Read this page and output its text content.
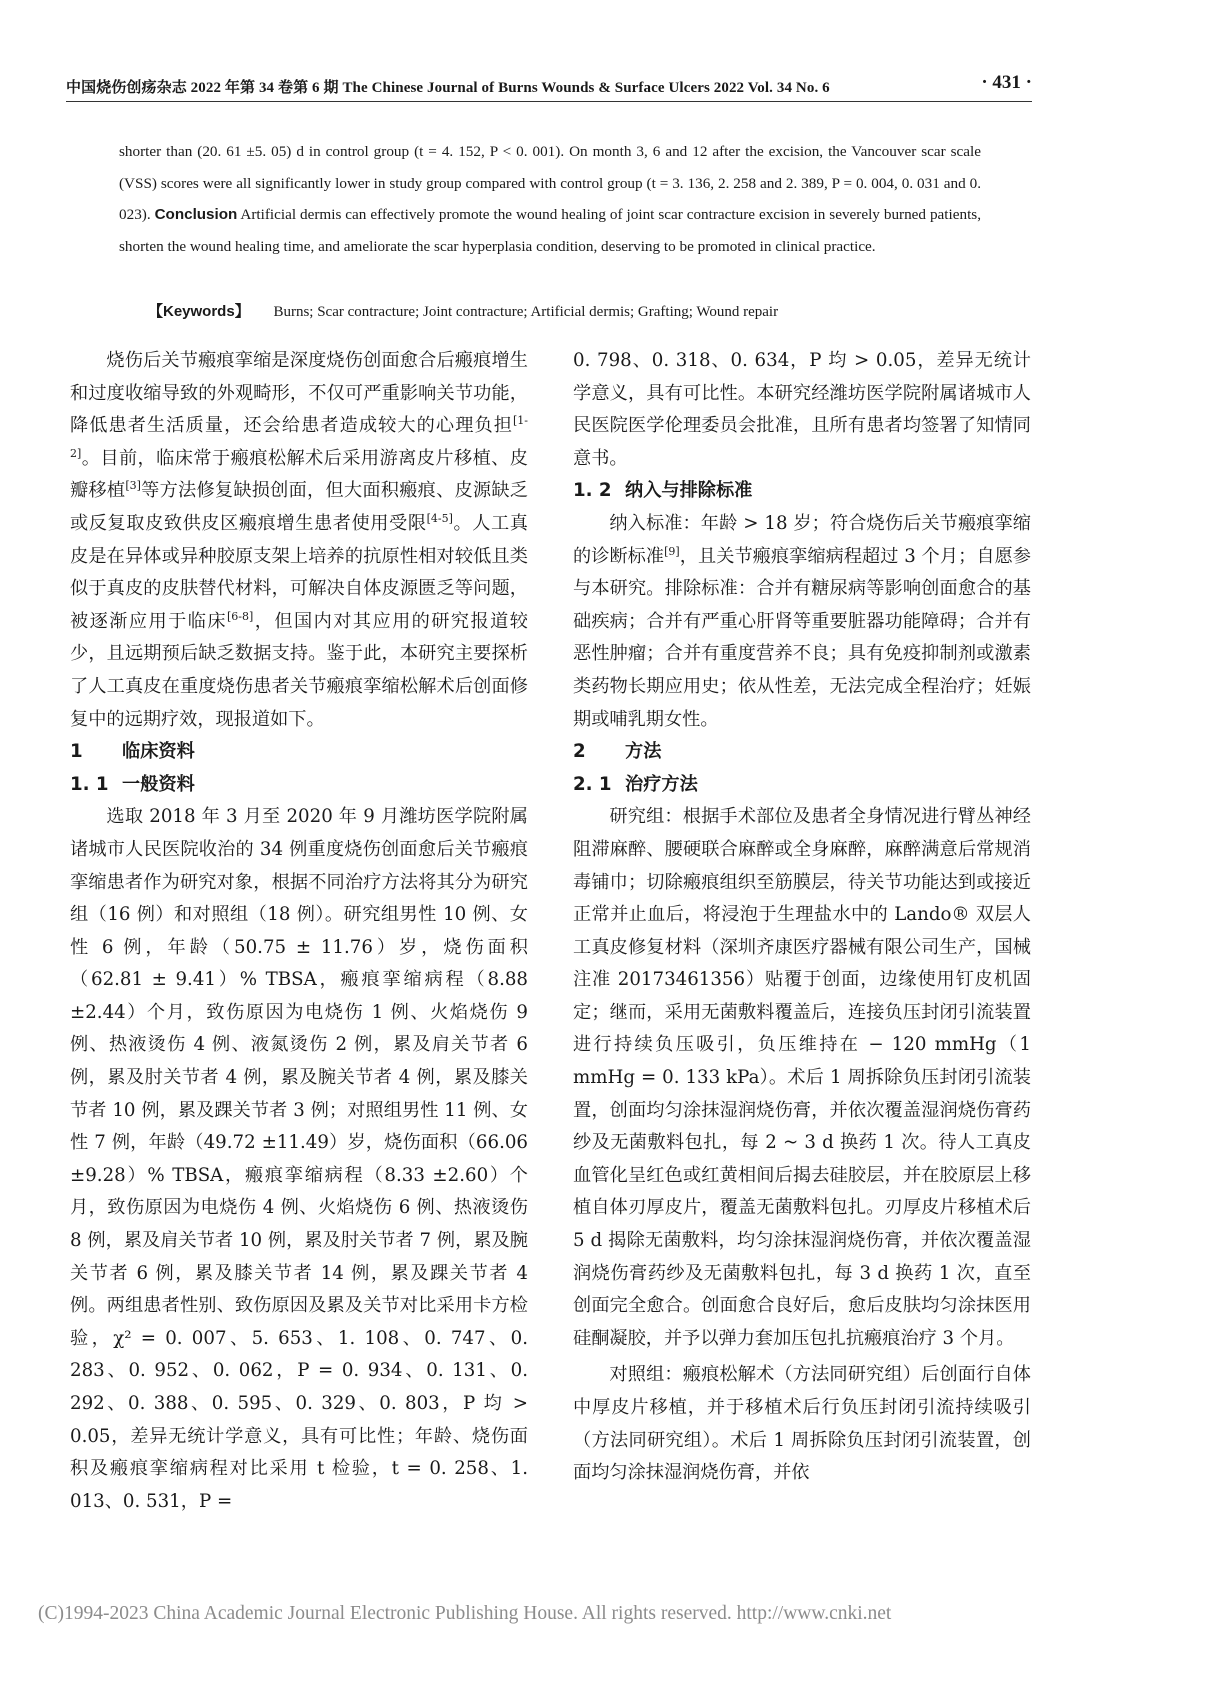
中国烧伤创疡杂志 2022 年第 34 卷第 6 期 The Chinese Journal of Burns Wounds & Surface Ulcers 2022 Vol. 34 No. 6	· 431 ·

shorter than (20. 61 ±5. 05) d in control group (t = 4. 152, P < 0. 001). On month 3, 6 and 12 after the excision, the Vancouver scar scale (VSS) scores were all significantly lower in study group compared with control group (t = 3. 136, 2. 258 and 2. 389, P = 0. 004, 0. 031 and 0. 023). Conclusion Artificial dermis can effectively promote the wound healing of joint scar contracture excision in severely burned patients, shorten the wound healing time, and ameliorate the scar hyperplasia condition, deserving to be promoted in clinical practice.

【Keywords】 Burns; Scar contracture; Joint contracture; Artificial dermis; Grafting; Wound repair

烧伤后关节瘢痕挛缩是深度烧伤创面愈合后瘢痕增生和过度收缩导致的外观畸形，不仅可严重影响关节功能，降低患者生活质量，还会给患者造成较大的心理负担[1-2]。目前，临床常于瘢痕松解术后采用游离皮片移植、皮瓣移植[3]等方法修复缺损创面，但大面积瘢痕、皮源缺乏或反复取皮致供皮区瘢痕增生患者使用受限[4-5]。人工真皮是在异体或异种胶原支架上培养的抗原性相对较低且类似于真皮的皮肤替代材料，可解决自体皮源匮乏等问题，被逐渐应用于临床[6-8]，但国内对其应用的研究报道较少，且远期预后缺乏数据支持。鉴于此，本研究主要探析了人工真皮在重度烧伤患者关节瘢痕挛缩松解术后创面修复中的远期疗效，现报道如下。

1 临床资料
1. 1 一般资料

选取 2018 年 3 月至 2020 年 9 月潍坊医学院附属诸城市人民医院收治的 34 例重度烧伤创面愈后关节瘢痕挛缩患者作为研究对象，根据不同治疗方法将其分为研究组（16 例）和对照组（18 例）。研究组男性 10 例、女性 6 例，年龄（50.75 ± 11.76）岁，烧伤面积（62.81 ± 9.41）% TBSA，瘢痕挛缩病程（8.88 ±2.44）个月，致伤原因为电烧伤 1 例、火焰烧伤 9 例、热液烫伤 4 例、液氮烫伤 2 例，累及肩关节者 6 例，累及肘关节者 4 例，累及腕关节者 4 例，累及膝关节者 10 例，累及踝关节者 3 例；对照组男性 11 例、女性 7 例，年龄（49.72 ±11.49）岁，烧伤面积（66.06 ±9.28）% TBSA，瘢痕挛缩病程（8.33 ±2.60）个月，致伤原因为电烧伤 4 例、火焰烧伤 6 例、热液烫伤 8 例，累及肩关节者 10 例，累及肘关节者 7 例，累及腕关节者 6 例，累及膝关节者 14 例，累及踝关节者 4 例。两组患者性别、致伤原因及累及关节对比采用卡方检验，χ² = 0. 007、5. 653、1. 108、0. 747、0. 283、0. 952、0. 062，P = 0. 934、0. 131、0. 292、0. 388、0. 595、0. 329、0. 803，P 均 > 0.05，差异无统计学意义，具有可比性；年龄、烧伤面积及瘢痕挛缩病程对比采用 t 检验，t = 0. 258、1. 013、0. 531，P =

0. 798、0. 318、0. 634，P 均 > 0.05，差异无统计学意义，具有可比性。本研究经潍坊医学院附属诸城市人民医院医学伦理委员会批准，且所有患者均签署了知情同意书。

1. 2 纳入与排除标准

纳入标准：年龄 > 18 岁；符合烧伤后关节瘢痕挛缩的诊断标准[9]，且关节瘢痕挛缩病程超过 3 个月；自愿参与本研究。排除标准：合并有糖尿病等影响创面愈合的基础疾病；合并有严重心肝肾等重要脏器功能障碍；合并有恶性肿瘤；合并有重度营养不良；具有免疫抑制剂或激素类药物长期应用史；依从性差，无法完成全程治疗；妊娠期或哺乳期女性。

2 方法
2. 1 治疗方法

研究组：根据手术部位及患者全身情况进行臂丛神经阻滞麻醉、腰硬联合麻醉或全身麻醉，麻醉满意后常规消毒铺巾；切除瘢痕组织至筋膜层，待关节功能达到或接近正常并止血后，将浸泡于生理盐水中的 Lando® 双层人工真皮修复材料（深圳齐康医疗器械有限公司生产，国械注准 20173461356）贴覆于创面，边缘使用钉皮机固定；继而，采用无菌敷料覆盖后，连接负压封闭引流装置进行持续负压吸引，负压维持在 − 120 mmHg（1 mmHg = 0. 133 kPa）。术后 1 周拆除负压封闭引流装置，创面均匀涂抹湿润烧伤膏，并依次覆盖湿润烧伤膏药纱及无菌敷料包扎，每 2 ~ 3 d 换药 1 次。待人工真皮血管化呈红色或红黄相间后揭去硅胶层，并在胶原层上移植自体刃厚皮片，覆盖无菌敷料包扎。刃厚皮片移植术后 5 d 揭除无菌敷料，均匀涂抹湿润烧伤膏，并依次覆盖湿润烧伤膏药纱及无菌敷料包扎，每 3 d 换药 1 次，直至创面完全愈合。创面愈合良好后，愈后皮肤均匀涂抹医用硅酮凝胶，并予以弹力套加压包扎抗瘢痕治疗 3 个月。

对照组：瘢痕松解术（方法同研究组）后创面行自体中厚皮片移植，并于移植术后行负压封闭引流持续吸引（方法同研究组）。术后 1 周拆除负压封闭引流装置，创面均匀涂抹湿润烧伤膏，并依

(C)1994-2023 China Academic Journal Electronic Publishing House. All rights reserved. http://www.cnki.net
